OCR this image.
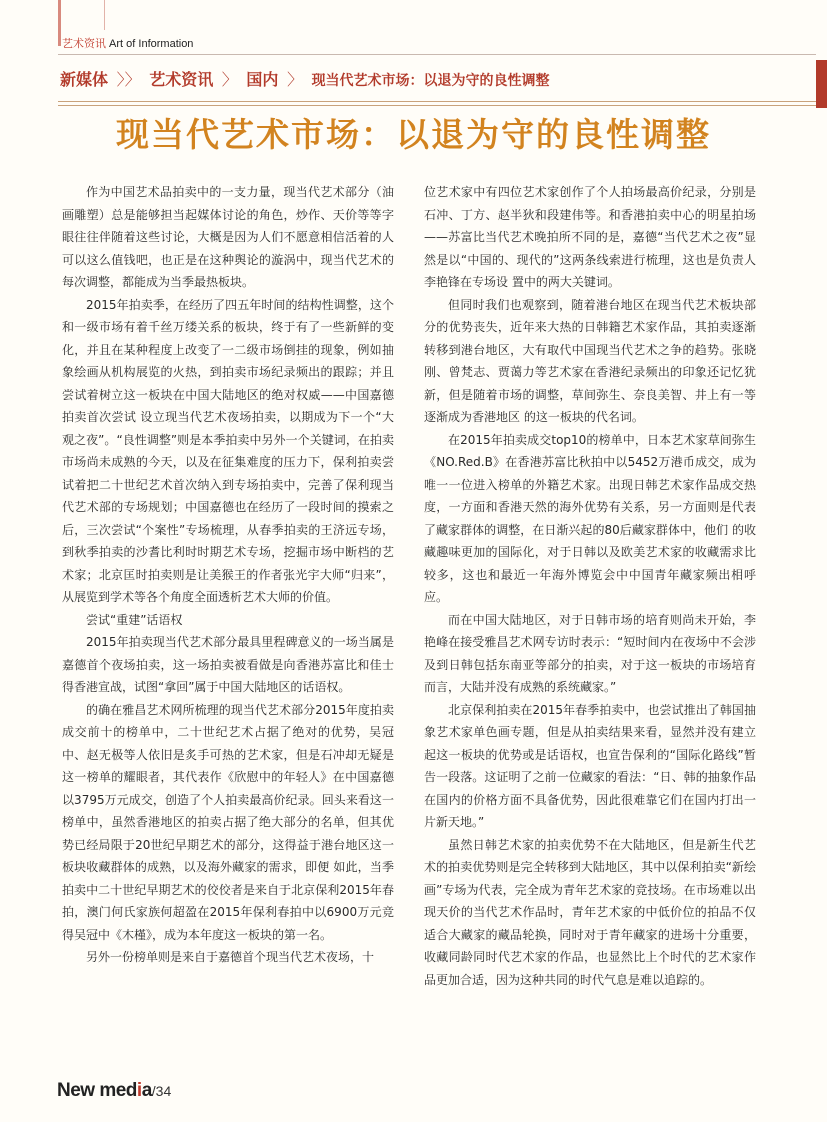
艺术资讯 Art of Information
新媒体 〉〉 艺术资讯 〉 国内 〉 现当代艺术市场：以退为守的良性调整
现当代艺术市场：以退为守的良性调整

作为中国艺术品拍卖中的一支力量，现当代艺术部分（油画雕塑）总是能够担当起媒体讨论的角色，炒作、天价等等字眼往往伴随着这些讨论，大概是因为人们不愿意相信活着的人可以这么值钱吧，也正是在这种舆论的漩涡中，现当代艺术的每次调整，都能成为当季最热板块。

2015年拍卖季，在经历了四五年时间的结构性调整，这个和一级市场有着千丝万缕关系的板块，终于有了一些新鲜的变化，并且在某种程度上改变了一二级市场倒挂的现象，例如抽象绘画从机构展览的火热，到拍卖市场纪录频出的跟踪；并且尝试着树立这一板块在中国大陆地区的绝对权威——中国嘉德拍卖首次尝试 设立现当代艺术夜场拍卖，以期成为下一个“大观之夜”。“良性调整”则是本季拍卖中另外一个关键词，在拍卖市场尚未成熟的今天，以及在征集难度的压力下，保利拍卖尝试着把二十世纪艺术首次纳入到专场拍卖中，完善了保利现当代艺术部的专场规划；中国嘉德也在经历了一段时间的摸索之后，三次尝试“个案性”专场梳理，从春季拍卖的王济远专场，到秋季拍卖的沙耆比利时时期艺术专场，挖掘市场中断档的艺术家；北京匡时拍卖则是让美猴王的作者张光宇大师“归来”，从展览到学术等各个角度全面透析艺术大师的价值。

尝试“重建”话语权

2015年拍卖现当代艺术部分最具里程碑意义的一场当属是嘉德首个夜场拍卖，这一场拍卖被看做是向香港苏富比和佳士得香港宣战，试图“拿回”属于中国大陆地区的话语权。

的确在雅昌艺术网所梳理的现当代艺术部分2015年度拍卖成交前十的榜单中，二十世纪艺术占据了绝对的优势，吴冠中、赵无极等人依旧是炙手可热的艺术家，但是石冲却无疑是这一榜单的耀眼者，其代表作《欣慰中的年轻人》在中国嘉德以3795万元成交，创造了个人拍卖最高价纪录。回头来看这一榜单中，虽然香港地区的拍卖占据了绝大部分的名单，但其优势已经局限于20世纪早期艺术的部分，这得益于港台地区这一板块收藏群体的成熟，以及海外藏家的需求，即便 如此，当季拍卖中二十世纪早期艺术的佼佼者是来自于北京保利2015年春拍，澳门何氏家族何超盈在2015年保利春拍中以6900万元竞得吴冠中《木槿》，成为本年度这一板块的第一名。

另外一份榜单则是来自于嘉德首个现当代艺术夜场，十

位艺术家中有四位艺术家创作了个人拍场最高价纪录，分别是石冲、丁方、赵半狄和段建伟等。和香港拍卖中心的明星拍场——苏富比当代艺术晚拍所不同的是，嘉德“当代艺术之夜”显然是以“中国的、现代的”这两条线索进行梳理，这也是负责人李艳锋在专场设 置中的两大关键词。

但同时我们也观察到，随着港台地区在现当代艺术板块部分的优势丧失，近年来大热的日韩籍艺术家作品，其拍卖逐渐转移到港台地区，大有取代中国现当代艺术之争的趋势。张晓刚、曾梵志、贾蔼力等艺术家在香港纪录频出的印象还记忆犹新，但是随着市场的调整，草间弥生、奈良美智、井上有一等逐渐成为香港地区 的这一板块的代名词。

在2015年拍卖成交top10的榜单中，日本艺术家草间弥生《NO.Red.B》在香港苏富比秋拍中以5452万港币成交，成为唯一一位进入榜单的外籍艺术家。出现日韩艺术家作品成交热度，一方面和香港天然的海外优势有关系，另一方面则是代表了藏家群体的调整，在日渐兴起的80后藏家群体中，他们 的收藏趣味更加的国际化，对于日韩以及欧美艺术家的收藏需求比较多，这也和最近一年海外博览会中中国青年藏家频出相呼应。

而在中国大陆地区，对于日韩市场的培育则尚未开始，李艳峰在接受雅昌艺术网专访时表示：“短时间内在夜场中不会涉及到日韩包括东南亚等部分的拍卖，对于这一板块的市场培育而言，大陆并没有成熟的系统藏家。”

北京保利拍卖在2015年春季拍卖中，也尝试推出了韩国抽象艺术家单色画专题，但是从拍卖结果来看，显然并没有建立起这一板块的优势或是话语权，也宣告保利的“国际化路线”暂告一段落。这证明了之前一位藏家的看法：“日、韩的抽象作品在国内的价格方面不具备优势，因此很难靠它们在国内打出一片新天地。”

虽然日韩艺术家的拍卖优势不在大陆地区，但是新生代艺术的拍卖优势则是完全转移到大陆地区，其中以保利拍卖“新绘画”专场为代表，完全成为青年艺术家的竞技场。在市场难以出现天价的当代艺术作品时，青年艺术家的中低价位的拍品不仅适合大藏家的藏品轮换，同时对于青年藏家的进场十分重要，收藏同龄同时代艺术家的作品，也显然比上个时代的艺术家作品更加合适，因为这种共同的时代气息是难以追踪的。

New media/34
